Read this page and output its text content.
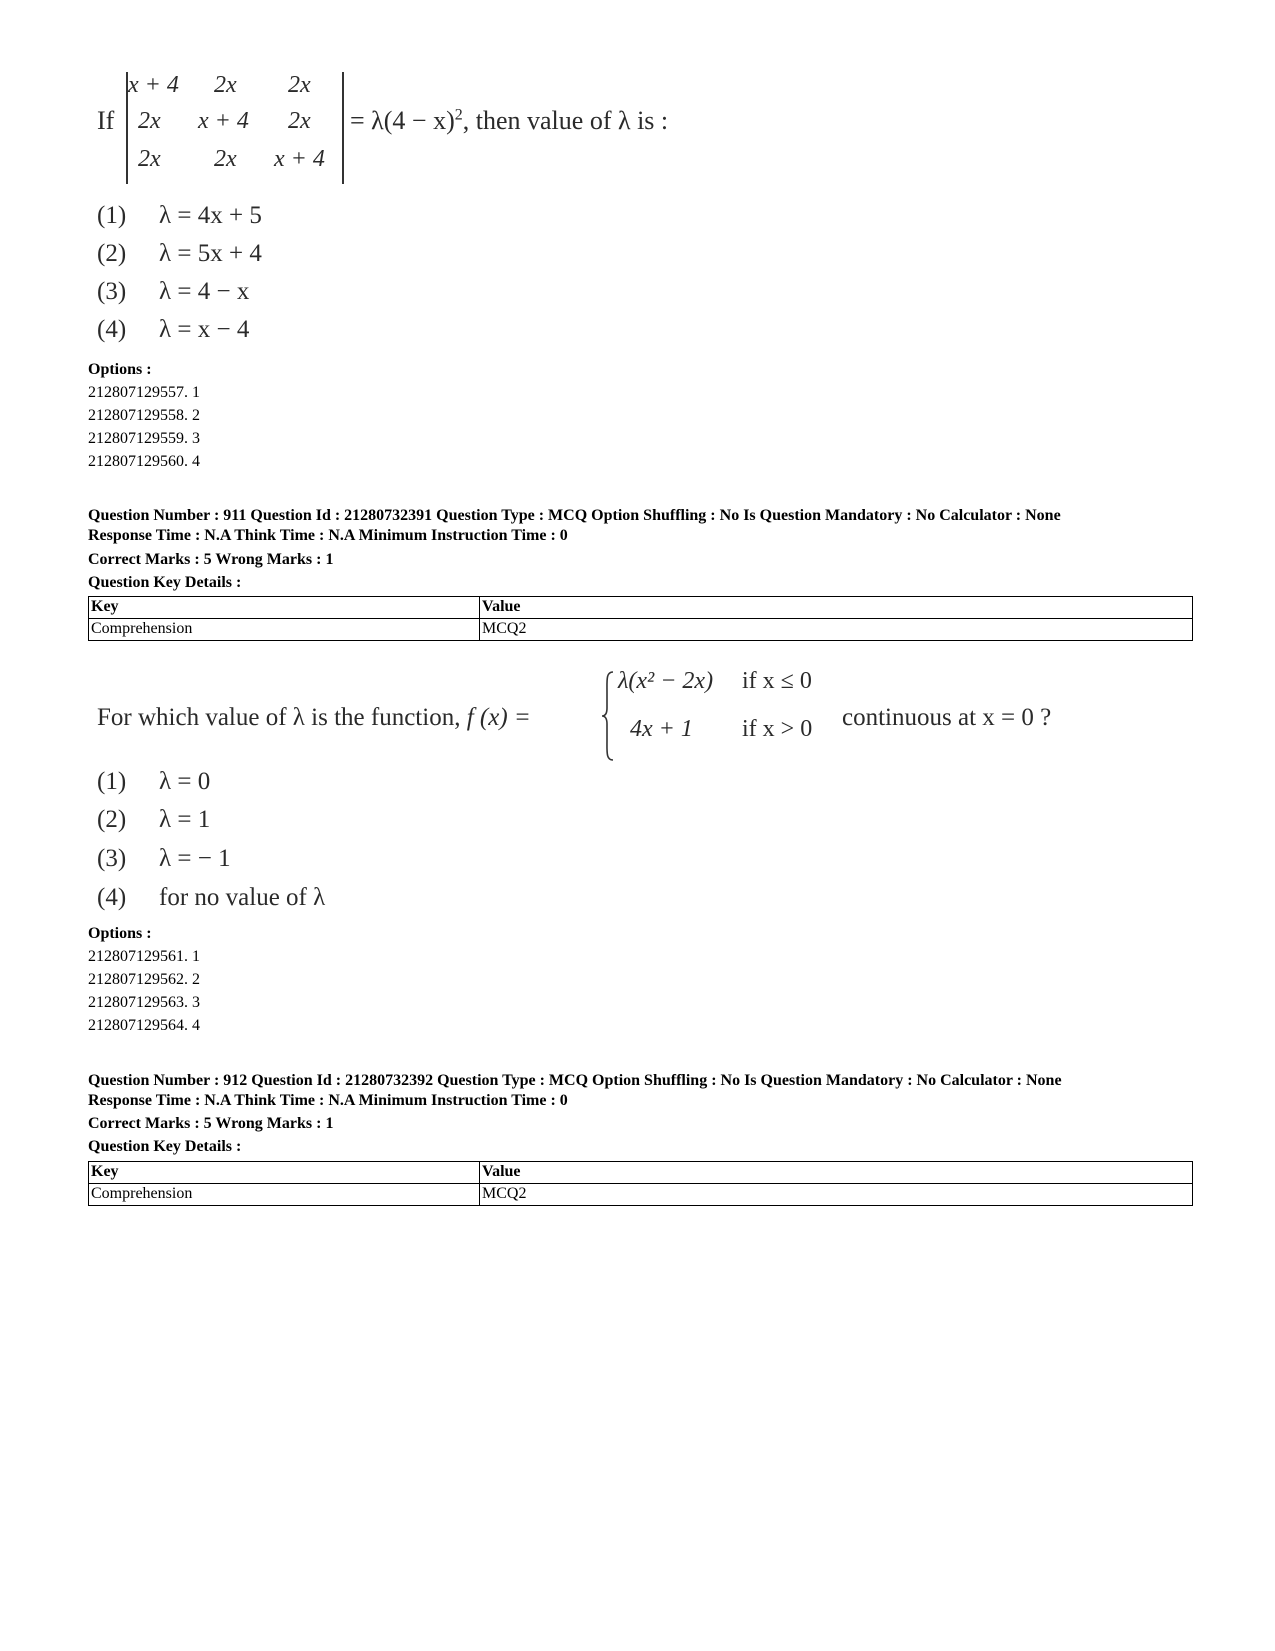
If
x + 4 2x 2x
2x x + 4 2x
2x 2x x + 4
= $\lambda(4 - x)^2$, then value of λ is :
(1) λ = 4x + 5
(2) λ = 5x + 4
(3) λ = 4 − x
(4) λ = x − 4
Options :
212807129557. 1
212807129558. 2
212807129559. 3
212807129560. 4
Question Number : 911 Question Id : 21280732391 Question Type : MCQ Option Shuffling : No Is Question Mandatory : No Calculator : None
Response Time : N.A Think Time : N.A Minimum Instruction Time : 0
Correct Marks : 5 Wrong Marks : 1
Question Key Details :
Key	Value
Comprehension	MCQ2
For which value of λ is the function, f (x) =
λ(x² − 2x) if x ≤ 0
4x + 1 if x > 0 continuous at x = 0 ?
(1) λ = 0
(2) λ = 1
(3) λ = − 1
(4) for no value of λ
Options :
212807129561. 1
212807129562. 2
212807129563. 3
212807129564. 4
Question Number : 912 Question Id : 21280732392 Question Type : MCQ Option Shuffling : No Is Question Mandatory : No Calculator : None
Response Time : N.A Think Time : N.A Minimum Instruction Time : 0
Correct Marks : 5 Wrong Marks : 1
Question Key Details :
Key	Value
Comprehension	MCQ2
